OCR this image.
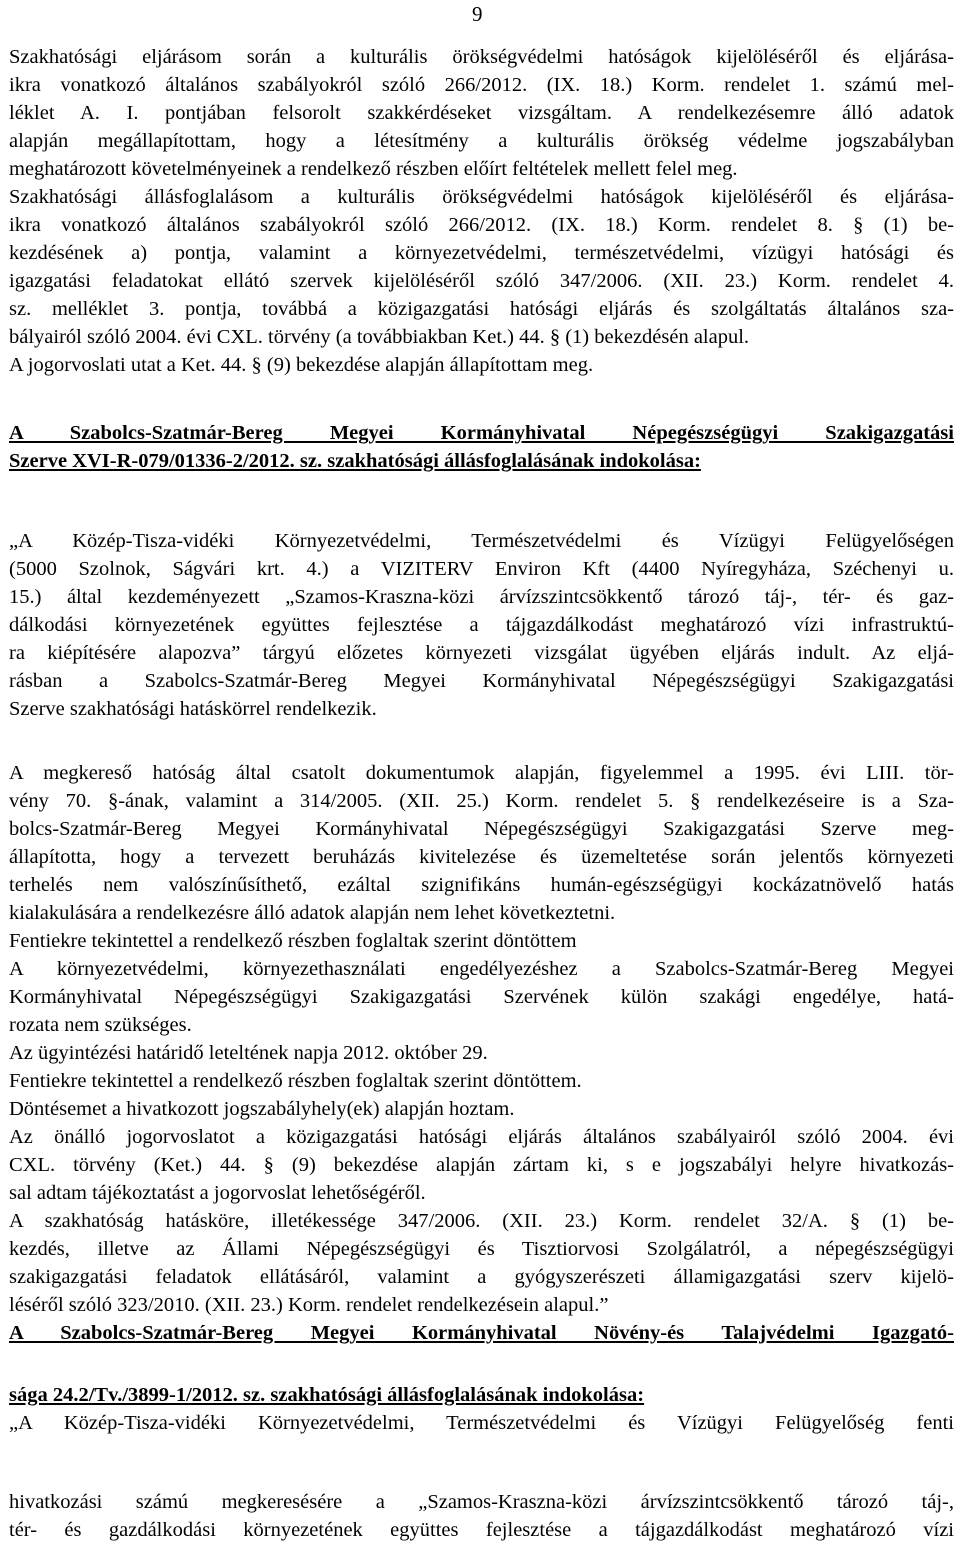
9
Szakhatósági eljárásom során a kulturális örökségvédelmi hatóságok kijelöléséről és eljárása-
ikra vonatkozó általános szabályokról szóló 266/2012. (IX. 18.) Korm. rendelet 1. számú mel-
léklet A. I. pontjában felsorolt szakkérdéseket vizsgáltam. A rendelkezésemre álló adatok
alapján megállapítottam, hogy a létesítmény a kulturális örökség védelme jogszabályban
meghatározott követelményeinek a rendelkező részben előírt feltételek mellett felel meg.
Szakhatósági állásfoglalásom a kulturális örökségvédelmi hatóságok kijelöléséről és eljárása-
ikra vonatkozó általános szabályokról szóló 266/2012. (IX. 18.) Korm. rendelet 8. § (1) be-
kezdésének a) pontja, valamint a környezetvédelmi, természetvédelmi, vízügyi hatósági és
igazgatási feladatokat ellátó szervek kijelöléséről szóló 347/2006. (XII. 23.) Korm. rendelet 4.
sz. melléklet 3. pontja, továbbá a közigazgatási hatósági eljárás és szolgáltatás általános sza-
bályairól szóló 2004. évi CXL. törvény (a továbbiakban Ket.) 44. § (1) bekezdésén alapul.
A jogorvoslati utat a Ket. 44. § (9) bekezdése alapján állapítottam meg.
A Szabolcs-Szatmár-Bereg Megyei Kormányhivatal Népegészségügyi Szakigazgatási
Szerve XVI-R-079/01336-2/2012. sz. szakhatósági állásfoglalásának indokolása:
„A Közép-Tisza-vidéki Környezetvédelmi, Természetvédelmi és Vízügyi Felügyelőségen
(5000 Szolnok, Ságvári krt. 4.) a VIZITERV Environ Kft (4400 Nyíregyháza, Széchenyi u.
15.) által kezdeményezett „Szamos-Kraszna-közi árvízszintcsökkentő tározó táj-, tér- és gaz-
dálkodási környezetének együttes fejlesztése a tájgazdálkodást meghatározó vízi infrastruktú-
ra kiépítésére alapozva” tárgyú előzetes környezeti vizsgálat ügyében eljárás indult. Az eljá-
rásban a Szabolcs-Szatmár-Bereg Megyei Kormányhivatal Népegészségügyi Szakigazgatási
Szerve szakhatósági hatáskörrel rendelkezik.
A megkereső hatóság által csatolt dokumentumok alapján, figyelemmel a 1995. évi LIII. tör-
vény 70. §-ának, valamint a 314/2005. (XII. 25.) Korm. rendelet 5. § rendelkezéseire is a Sza-
bolcs-Szatmár-Bereg Megyei Kormányhivatal Népegészségügyi Szakigazgatási Szerve meg-
állapította, hogy a tervezett beruházás kivitelezése és üzemeltetése során jelentős környezeti
terhelés nem valószínűsíthető, ezáltal szignifikáns humán-egészségügyi kockázatnövelő hatás
kialakulására a rendelkezésre álló adatok alapján nem lehet következtetni.
Fentiekre tekintettel a rendelkező részben foglaltak szerint döntöttem
A környezetvédelmi, környezethasználati engedélyezéshez a Szabolcs-Szatmár-Bereg Megyei
Kormányhivatal Népegészségügyi Szakigazgatási Szervének külön szakági engedélye, hatá-
rozata nem szükséges.
Az ügyintézési határidő leteltének napja 2012. október 29.
Fentiekre tekintettel a rendelkező részben foglaltak szerint döntöttem.
Döntésemet a hivatkozott jogszabályhely(ek) alapján hoztam.
Az önálló jogorvoslatot a közigazgatási hatósági eljárás általános szabályairól szóló 2004. évi
CXL. törvény (Ket.) 44. § (9) bekezdése alapján zártam ki, s e jogszabályi helyre hivatkozás-
sal adtam tájékoztatást a jogorvoslat lehetőségéről.
A szakhatóság hatásköre, illetékessége 347/2006. (XII. 23.) Korm. rendelet 32/A. § (1) be-
kezdés, illetve az Állami Népegészségügyi és Tisztiorvosi Szolgálatról, a népegészségügyi
szakigazgatási feladatok ellátásáról, valamint a gyógyszerészeti államigazgatási szerv kijelö-
léséről szóló 323/2010. (XII. 23.) Korm. rendelet rendelkezésein alapul.”
A Szabolcs-Szatmár-Bereg Megyei Kormányhivatal Növény-és Talajvédelmi Igazgató-
sága 24.2/Tv./3899-1/2012. sz. szakhatósági állásfoglalásának indokolása:
„A Közép-Tisza-vidéki Környezetvédelmi, Természetvédelmi és Vízügyi Felügyelőség fenti
hivatkozási számú megkeresésére a „Szamos-Kraszna-közi árvízszintcsökkentő tározó táj-,
tér- és gazdálkodási környezetének együttes fejlesztése a tájgazdálkodást meghatározó vízi
